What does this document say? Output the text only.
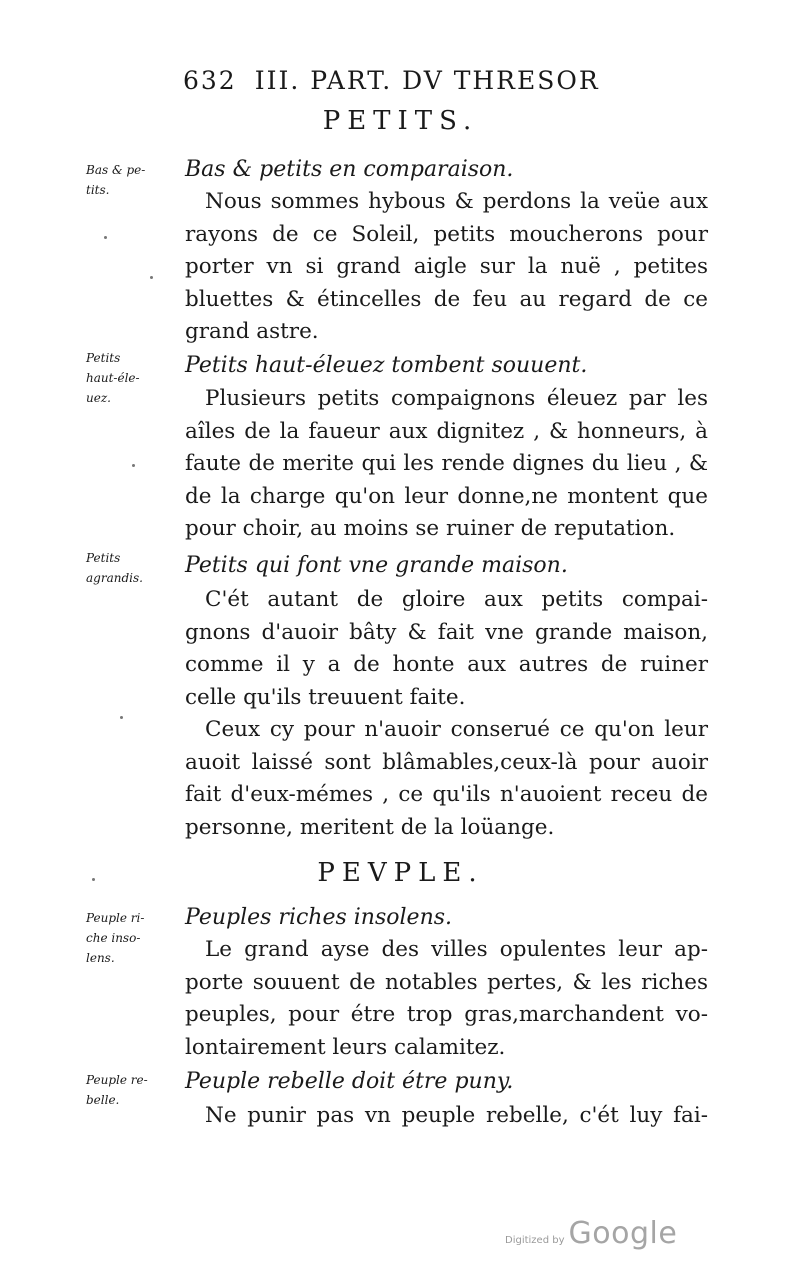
632 III. PART. DV THRESOR
PETITS.
Bas & pe-
tits.
Bas & petits en comparaison.
Nous sommes hybous & perdons la veüe aux
rayons de ce Soleil, petits moucherons pour
porter vn si grand aigle sur la nuë , petites
bluettes & étincelles de feu au regard de ce
grand astre.
Petits
haut-éle-
uez.
Petits haut-éleuez tombent souuent.
Plusieurs petits compaignons éleuez par les
aîles de la faueur aux dignitez , & honneurs, à
faute de merite qui les rende dignes du lieu , &
de la charge qu'on leur donne,ne montent que
pour choir, au moins se ruiner de reputation.
Petits
agrandis.	Petits qui font vne grande maison.
C'ét autant de gloire aux petits compai-
gnons d'auoir bâty & fait vne grande maison,
comme il y a de honte aux autres de ruiner
celle qu'ils treuuent faite.
Ceux cy pour n'auoir conserué ce qu'on leur
auoit laissé sont blâmables,ceux-là pour auoir
fait d'eux-mémes , ce qu'ils n'auoient receu de
personne, meritent de la loüange.
PEVPLE.
Peuple ri-
che inso-
lens.
Peuples riches insolens.
Le grand ayse des villes opulentes leur ap-
porte souuent de notables pertes, & les riches
peuples, pour étre trop gras,marchandent vo-
lontairement leurs calamitez.
Peuple re-
belle.
Peuple rebelle doit étre puny.
Ne punir pas vn peuple rebelle, c'ét luy fai-
Digitized by Google
